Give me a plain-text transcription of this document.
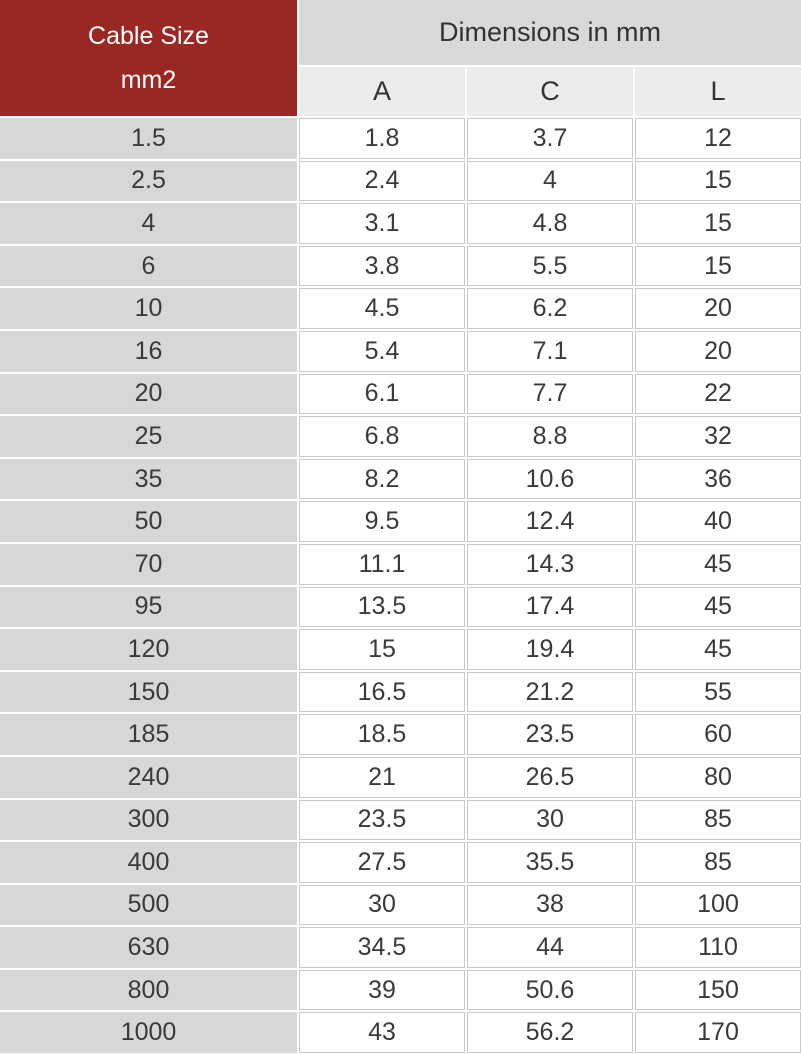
Cable Size
mm2	Dimensions in mm		
	A	C	L
1.5	1.8	3.7	12
2.5	2.4	4	15
4	3.1	4.8	15
6	3.8	5.5	15
10	4.5	6.2	20
16	5.4	7.1	20
20	6.1	7.7	22
25	6.8	8.8	32
35	8.2	10.6	36
50	9.5	12.4	40
70	11.1	14.3	45
95	13.5	17.4	45
120	15	19.4	45
150	16.5	21.2	55
185	18.5	23.5	60
240	21	26.5	80
300	23.5	30	85
400	27.5	35.5	85
500	30	38	100
630	34.5	44	110
800	39	50.6	150
1000	43	56.2	170
